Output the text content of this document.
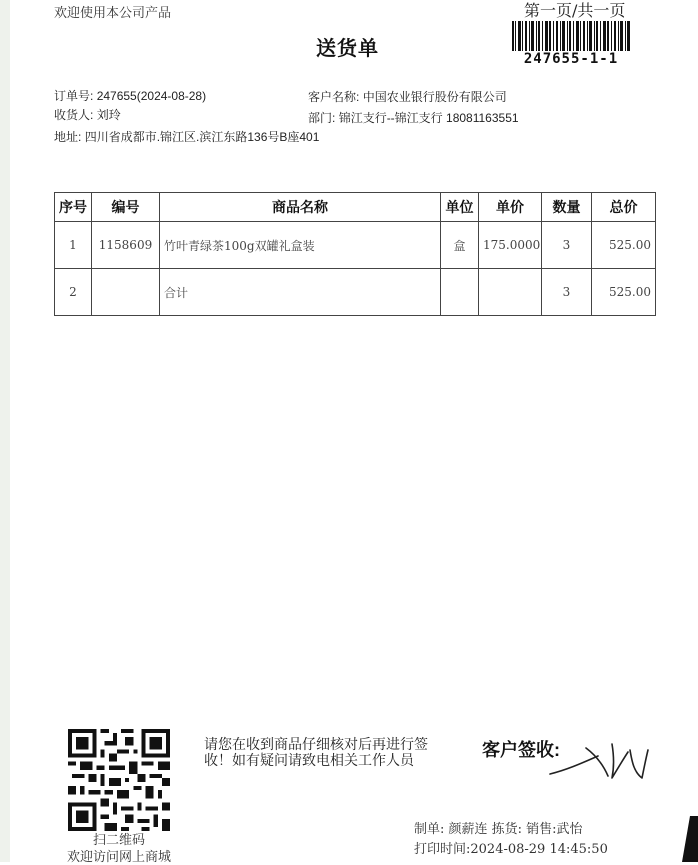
欢迎使用本公司产品	第一页/共一页
送货单	247655-1-1
订单号: 247655(2024-08-28)	客户名称: 中国农业银行股份有限公司
收货人: 刘玲	部门: 锦江支行--锦江支行 18081163551
地址: 四川省成都市.锦江区.滨江东路136号B座401
序号	编号	商品名称	单位	单价	数量	总价
1	1158609	竹叶青绿茶100g双罐礼盒装	盒	175.0000	3	525.00
2		合计			3	525.00
扫二维码
欢迎访问网上商城
请您在收到商品仔细核对后再进行签收！如有疑问请致电相关工作人员	客户签收:
制单: 颜薪连 拣货: 销售:武怡
打印时间:2024-08-29 14:45:50
